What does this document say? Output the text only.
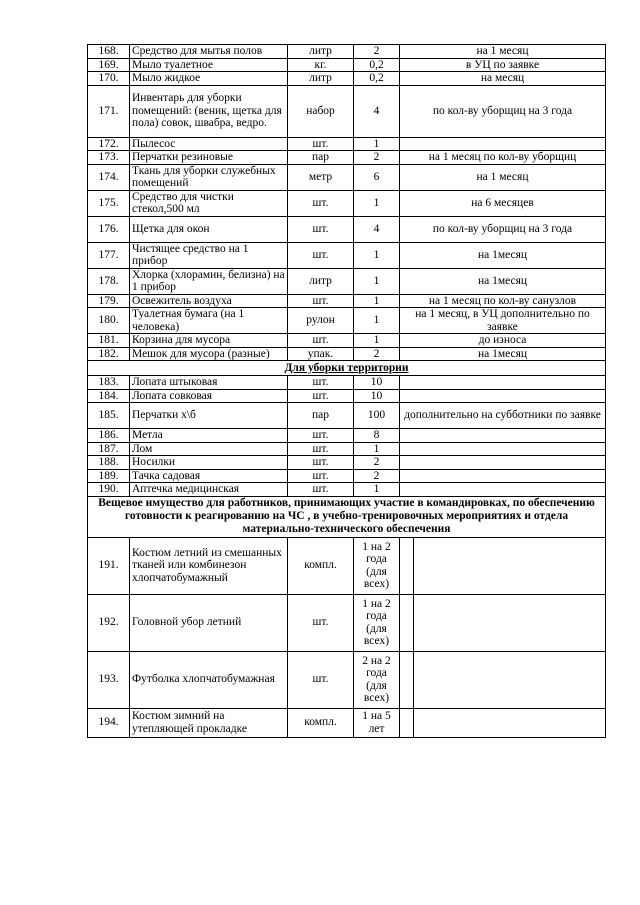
168.	Средство для мытья полов	литр	2	на 1 месяц
169.	Мыло туалетное	кг.	0,2	в УЦ по заявке
170.	Мыло жидкое	литр	0,2	на месяц
171.	Инвентарь для уборки помещений: (веник, щетка для пола) совок, швабра, ведро.	набор	4	по кол-ву уборщиц на 3 года
172.	Пылесос	шт.	1	
173.	Перчатки резиновые	пар	2	на 1 месяц по кол-ву уборщиц
174.	Ткань для уборки служебных помещений	метр	6	на 1 месяц
175.	Средство для чистки стекол,500 мл	шт.	1	на 6 месяцев
176.	Щетка для окон	шт.	4	по кол-ву уборщиц на 3 года
177.	Чистящее средство на 1 прибор	шт.	1	на 1месяц
178.	Хлорка (хлорамин, белизна) на 1 прибор	литр	1	на 1месяц
179.	Освежитель воздуха	шт.	1	на 1 месяц по кол-ву санузлов
180.	Туалетная бумага (на 1 человека)	рулон	1	на 1 месяц, в УЦ дополнительно по заявке
181.	Корзина для мусора	шт.	1	до износа
182.	Мешок для мусора (разные)	упак.	2	на 1месяц
Для уборки территории				
183.	Лопата штыковая	шт.	10	
184.	Лопата совковая	шт.	10	
185.	Перчатки х\б	пар	100	дополнительно на субботники по заявке
186.	Метла	шт.	8	
187.	Лом	шт.	1	
188.	Носилки	шт.	2	
189.	Тачка садовая	шт.	2	
190.	Аптечка медицинская	шт.	1	
Вещевое имущество для работников, принимающих участие в командировках, по обеспечению готовности к реагированию на ЧС , в учебно-тренировочных мероприятиях и отдела материально-технического обеспечения				
191.	Костюм летний из смешанных тканей или комбинезон хлопчатобумажный	компл.	1 на 2 года (для всех)		
192.	Головной убор летний	шт.	1 на 2 года (для всех)		
193.	Футболка хлопчатобумажная	шт.	2 на 2 года (для всех)		
194.	Костюм зимний на утепляющей прокладке	компл.	1 на 5 лет		
